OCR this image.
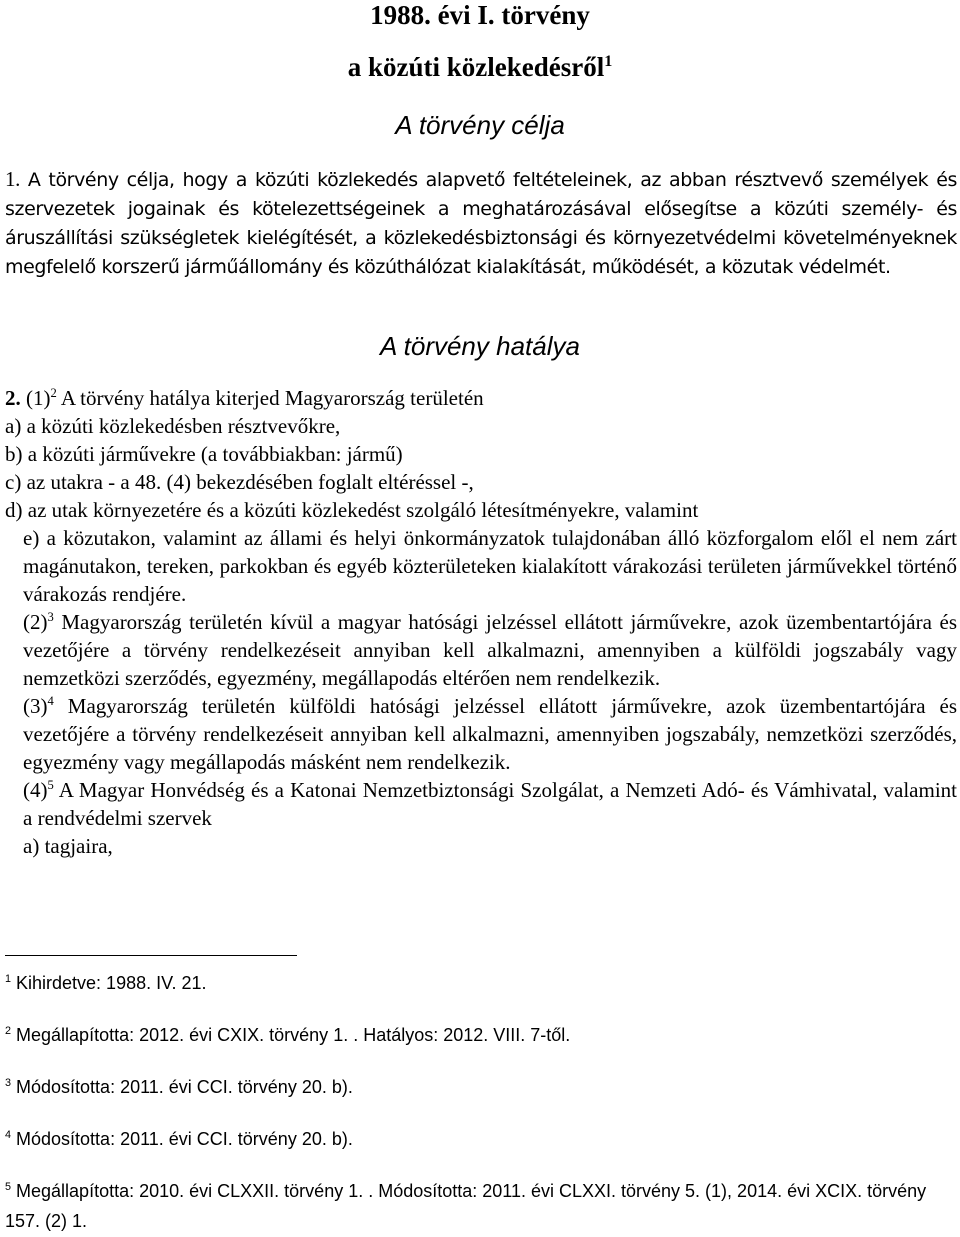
1988. évi I. törvény
a közúti közlekedésről$^1$
A törvény célja
1. A törvény célja, hogy a közúti közlekedés alapvető feltételeinek, az abban résztvevő személyek és szervezetek jogainak és kötelezettségeinek a meghatározásával elősegítse a közúti személy- és áruszállítási szükségletek kielégítését, a közlekedésbiztonsági és környezetvédelmi követelményeknek megfelelő korszerű járműállomány és közúthálózat kialakítását, működését, a közutak védelmét.
A törvény hatálya

2. $(1)^2$ A törvény hatálya kiterjed Magyarország területén

a) a közúti közlekedésben résztvevőkre,

b) a közúti járművekre (a továbbiakban: jármű)

c) az utakra - a 48. (4) bekezdésében foglalt eltéréssel -,

d) az utak környezetére és a közúti közlekedést szolgáló létesítményekre, valamint

e) a közutakon, valamint az állami és helyi önkormányzatok tulajdonában álló közforgalom elől el nem zárt magánutakon, tereken, parkokban és egyéb közterületeken kialakított várakozási területen járművekkel történő várakozás rendjére.

$(2)^3$ Magyarország területén kívül a magyar hatósági jelzéssel ellátott járművekre, azok üzembentartójára és vezetőjére a törvény rendelkezéseit annyiban kell alkalmazni, amennyiben a külföldi jogszabály vagy nemzetközi szerződés, egyezmény, megállapodás eltérően nem rendelkezik.

$(3)^4$ Magyarország területén külföldi hatósági jelzéssel ellátott járművekre, azok üzembentartójára és vezetőjére a törvény rendelkezéseit annyiban kell alkalmazni, amennyiben jogszabály, nemzetközi szerződés, egyezmény vagy megállapodás másként nem rendelkezik.

$(4)^5$ A Magyar Honvédség és a Katonai Nemzetbiztonsági Szolgálat, a Nemzeti Adó- és Vámhivatal, valamint a rendvédelmi szervek

a) tagjaira,

$^1$ Kihirdetve: 1988. IV. 21.
$^2$ Megállapította: 2012. évi CXIX. törvény 1. . Hatályos: 2012. VIII. 7-től.
$^3$ Módosította: 2011. évi CCI. törvény 20. b).
$^4$ Módosította: 2011. évi CCI. törvény 20. b).
$^5$ Megállapította: 2010. évi CLXXII. törvény 1. . Módosította: 2011. évi CLXXI. törvény 5. (1), 2014. évi XCIX. törvény 157. (2) 1.
